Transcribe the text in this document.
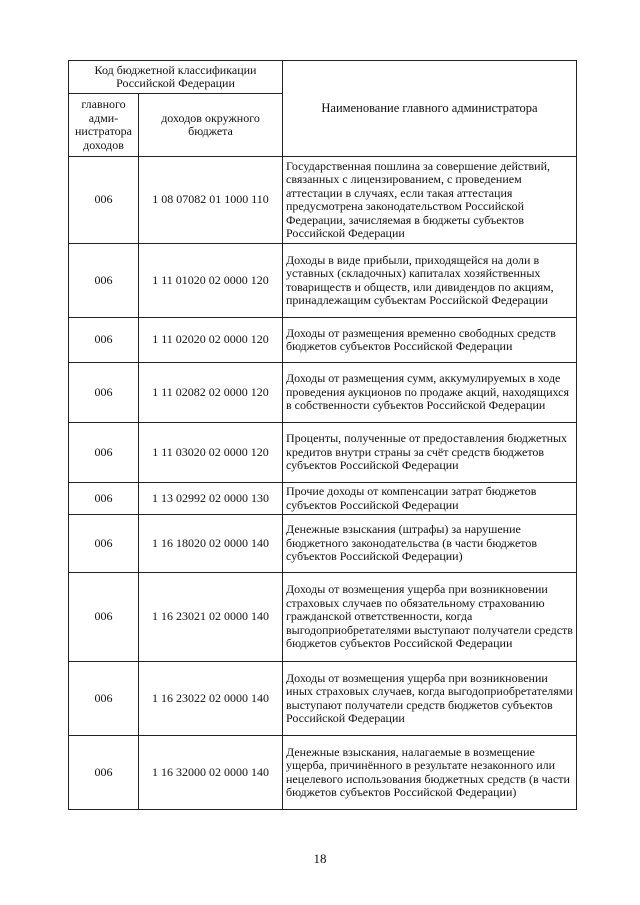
Код бюджетной классификации Российской Федерации		Наименование главного администратора
главного адми-нистратора доходов	доходов окружного бюджета	
006	1 08 07082 01 1000 110	Государственная пошлина за совершение действий, связанных с лицензированием, с проведением аттестации в случаях, если такая аттестация предусмотрена законодательством Российской Федерации, зачисляемая в бюджеты субъектов Российской Федерации
006	1 11 01020 02 0000 120	Доходы в виде прибыли, приходящейся на доли в уставных (складочных) капиталах хозяйственных товариществ и обществ, или дивидендов по акциям, принадлежащим субъектам Российской Федерации
006	1 11 02020 02 0000 120	Доходы от размещения временно свободных средств бюджетов субъектов Российской Федерации
006	1 11 02082 02 0000 120	Доходы от размещения сумм, аккумулируемых в ходе проведения аукционов по продаже акций, находящихся в собственности субъектов Российской Федерации
006	1 11 03020 02 0000 120	Проценты, полученные от предоставления бюджетных кредитов внутри страны за счёт средств бюджетов субъектов Российской Федерации
006	1 13 02992 02 0000 130	Прочие доходы от компенсации затрат бюджетов субъектов Российской Федерации
006	1 16 18020 02 0000 140	Денежные взыскания (штрафы) за нарушение бюджетного законодательства (в части бюджетов субъектов Российской Федерации)
006	1 16 23021 02 0000 140	Доходы от возмещения ущерба при возникновении страховых случаев по обязательному страхованию гражданской ответственности, когда выгодоприобретателями выступают получатели средств бюджетов субъектов Российской Федерации
006	1 16 23022 02 0000 140	Доходы от возмещения ущерба при возникновении иных страховых случаев, когда выгодоприобретателями выступают получатели средств бюджетов субъектов Российской Федерации
006	1 16 32000 02 0000 140	Денежные взыскания, налагаемые в возмещение ущерба, причинённого в результате незаконного или нецелевого использования бюджетных средств (в части бюджетов субъектов Российской Федерации)
18
